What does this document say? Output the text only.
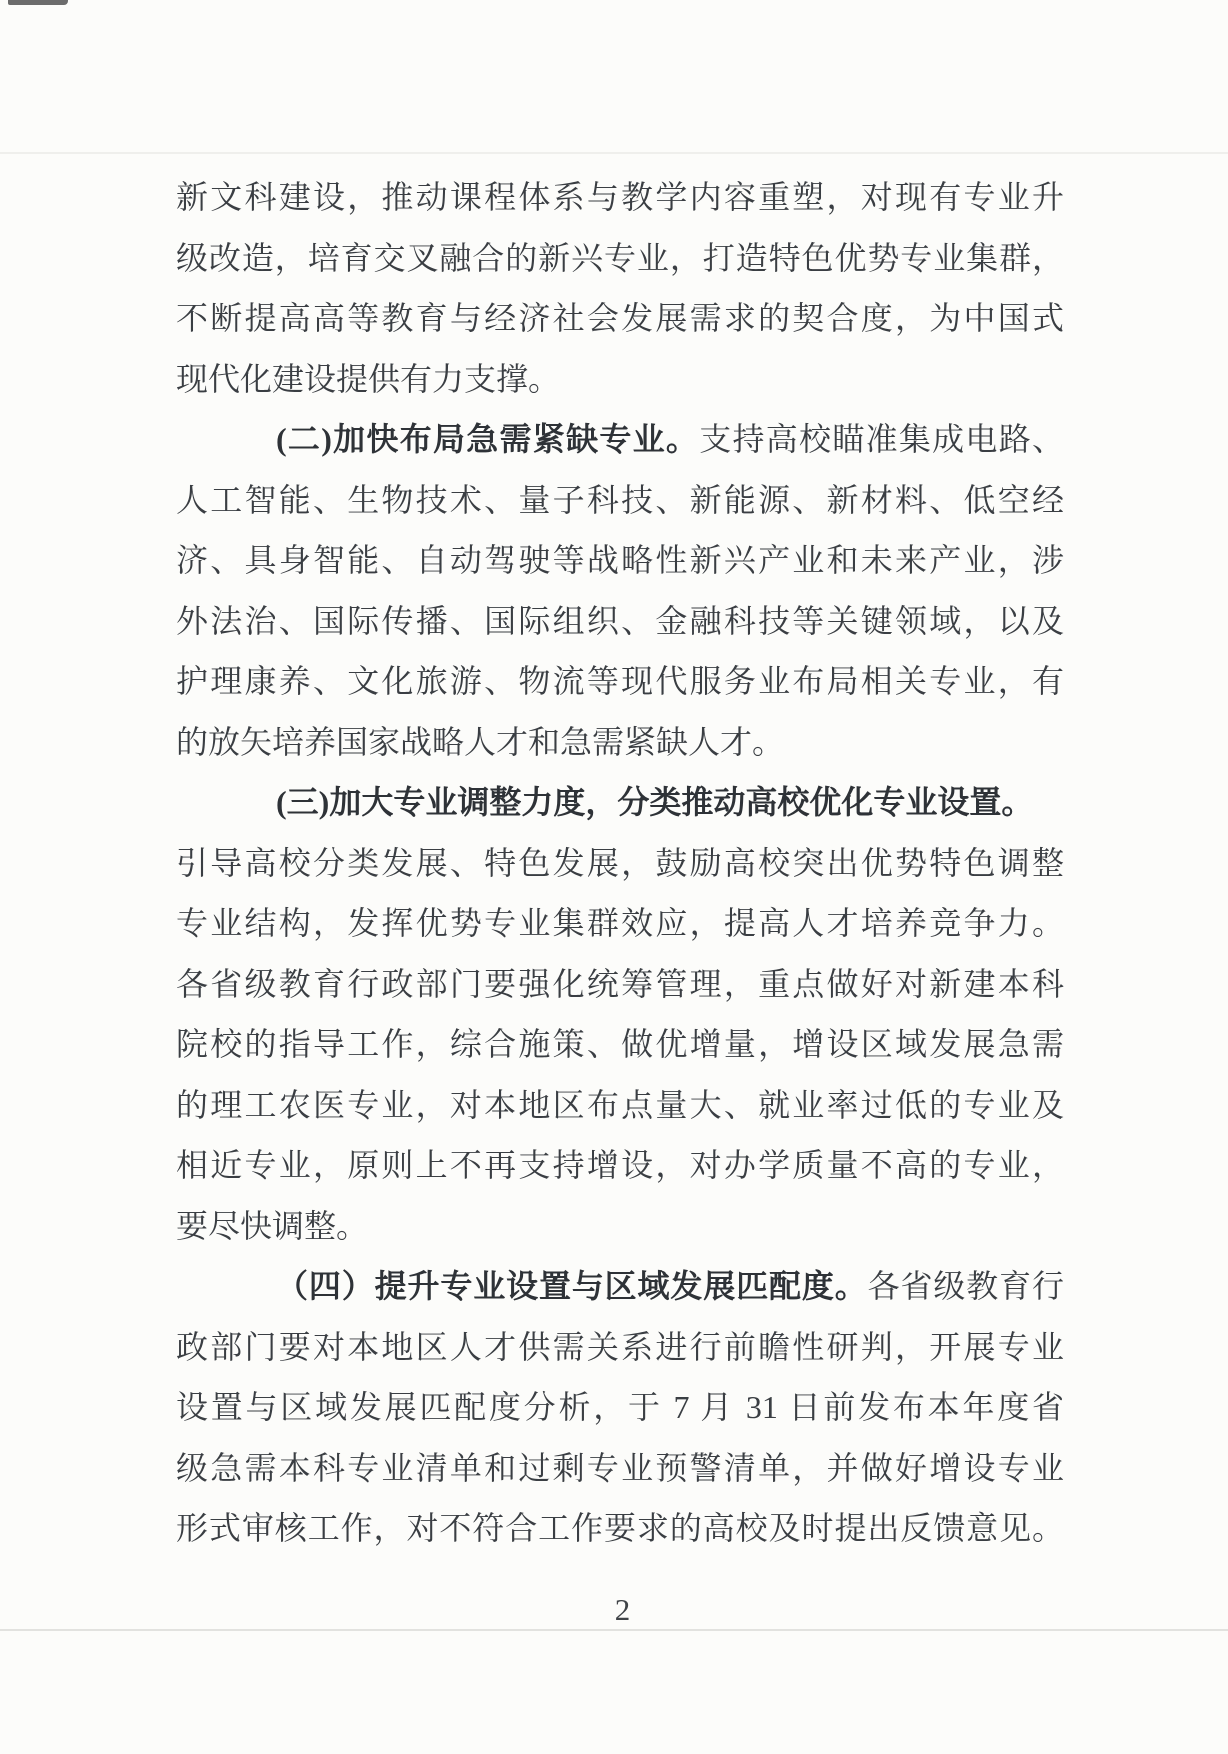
新文科建设，推动课程体系与教学内容重塑，对现有专业升
级改造，培育交叉融合的新兴专业，打造特色优势专业集群，
不断提高高等教育与经济社会发展需求的契合度，为中国式
现代化建设提供有力支撑。
(二)加快布局急需紧缺专业。支持高校瞄准集成电路、
人工智能、生物技术、量子科技、新能源、新材料、低空经
济、具身智能、自动驾驶等战略性新兴产业和未来产业，涉
外法治、国际传播、国际组织、金融科技等关键领域，以及
护理康养、文化旅游、物流等现代服务业布局相关专业，有
的放矢培养国家战略人才和急需紧缺人才。
(三)加大专业调整力度，分类推动高校优化专业设置。
引导高校分类发展、特色发展，鼓励高校突出优势特色调整
专业结构，发挥优势专业集群效应，提高人才培养竞争力。
各省级教育行政部门要强化统筹管理，重点做好对新建本科
院校的指导工作，综合施策、做优增量，增设区域发展急需
的理工农医专业，对本地区布点量大、就业率过低的专业及
相近专业，原则上不再支持增设，对办学质量不高的专业，
要尽快调整。
（四）提升专业设置与区域发展匹配度。各省级教育行
政部门要对本地区人才供需关系进行前瞻性研判，开展专业
设置与区域发展匹配度分析，于 7 月 31 日前发布本年度省
级急需本科专业清单和过剩专业预警清单，并做好增设专业
形式审核工作，对不符合工作要求的高校及时提出反馈意见。
2
